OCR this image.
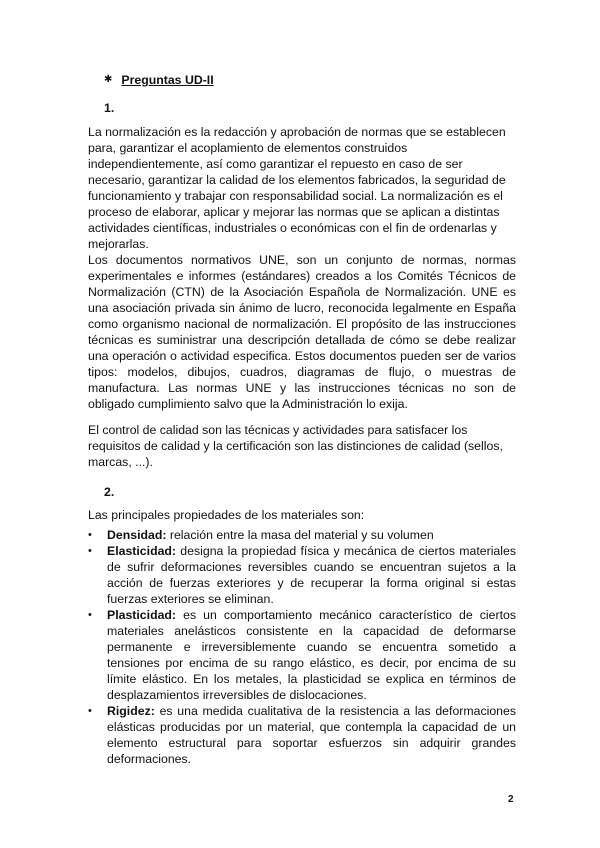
✱ Preguntas UD-II
1.

La normalización es la redacción y aprobación de normas que se establecen para, garantizar el acoplamiento de elementos construidos independientemente, así como garantizar el repuesto en caso de ser necesario, garantizar la calidad de los elementos fabricados, la seguridad de funcionamiento y trabajar con responsabilidad social. La normalización es el proceso de elaborar, aplicar y mejorar las normas que se aplican a distintas actividades científicas, industriales o económicas con el fin de ordenarlas y mejorarlas.

Los documentos normativos UNE, son un conjunto de normas, normas experimentales e informes (estándares) creados a los Comités Técnicos de Normalización (CTN) de la Asociación Española de Normalización. UNE es una asociación privada sin ánimo de lucro, reconocida legalmente en España como organismo nacional de normalización. El propósito de las instrucciones técnicas es suministrar una descripción detallada de cómo se debe realizar una operación o actividad especifica. Estos documentos pueden ser de varios tipos: modelos, dibujos, cuadros, diagramas de flujo, o muestras de manufactura. Las normas UNE y las instrucciones técnicas no son de obligado cumplimiento salvo que la Administración lo exija.

El control de calidad son las técnicas y actividades para satisfacer los requisitos de calidad y la certificación son las distinciones de calidad (sellos, marcas, ...).

2.

Las principales propiedades de los materiales son:

• Densidad: relación entre la masa del material y su volumen
• Elasticidad: designa la propiedad física y mecánica de ciertos materiales de sufrir deformaciones reversibles cuando se encuentran sujetos a la acción de fuerzas exteriores y de recuperar la forma original si estas fuerzas exteriores se eliminan.
• Plasticidad: es un comportamiento mecánico característico de ciertos materiales anelásticos consistente en la capacidad de deformarse permanente e irreversiblemente cuando se encuentra sometido a tensiones por encima de su rango elástico, es decir, por encima de su límite elástico. En los metales, la plasticidad se explica en términos de desplazamientos irreversibles de dislocaciones.
• Rigidez: es una medida cualitativa de la resistencia a las deformaciones elásticas producidas por un material, que contempla la capacidad de un elemento estructural para soportar esfuerzos sin adquirir grandes deformaciones.
2
